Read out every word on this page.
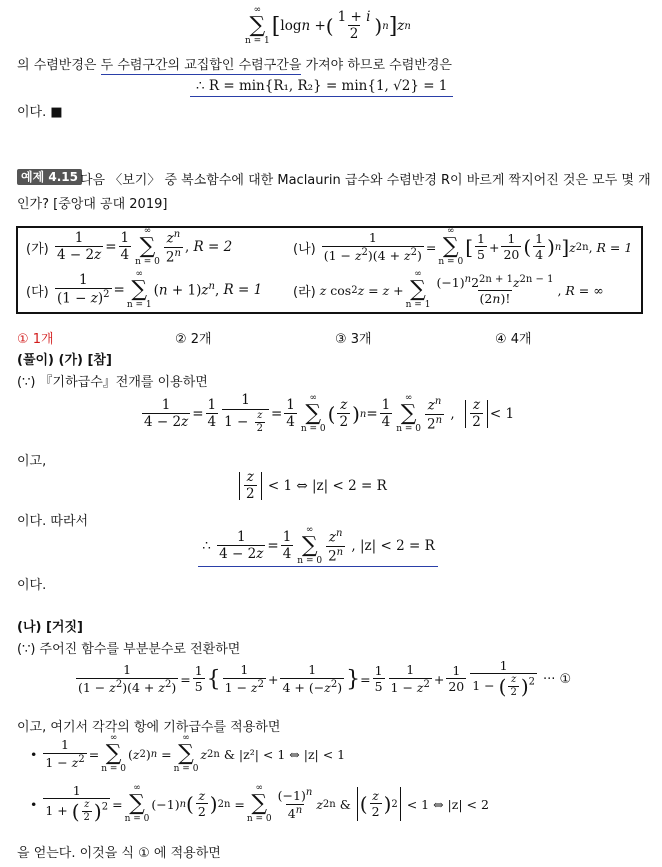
∞
∑
n = 1
[ logn + ( $\frac{1 + i}{2}$ ) n ] z n
의 수렴반경은 두 수렴구간의 교집합인 수렴구간을 가져야 하므로 수렴반경은
∴ R = min{R₁, R₂} = min{1, √2} = 1
이다. ■
예제 4.15 다음 〈보기〉 중 복소함수에 대한 Maclaurin 급수와 수렴반경 R이 바르게 짝지어진 것은 모두 몇 개
인가? [중앙대 공대 2019]
(가)
$\frac{1}{4 - 2z} = \frac{1}{4}$ ∞
∑
$n = 0 \frac{z^n}{2^n}$ , R = 2	(나)
$\frac{1}{(1 - z^2)(4 + z^2)}$ =
∞
∑
n = 0
[ $\frac{1}{5} + \frac{1}{20}$ ( $\frac{1}{4}$ ) n ] z 2n , R = 1
(다)
$\frac{1}{(1 - z)^2}$ =
∞
∑
n = 1
$(n + 1)z^n$, R = 1 (라)
z cos 2 z = z +
∞
∑
$n = 1 \frac{(-1)^n2^{2n + 1}z^{2n - 1}}{(2n)!}$ , R = ∞
① 1개	② 2개	③ 3개	④ 4개
(풀이) (가) [참]
(∵) 『기하급수』전개를 이용하면
$\frac{1}{4 - 2z} = \frac{1}{4} \frac{1}{1 - \frac{z}{2}} = \frac{1}{4}$ ∞
∑
n = 0
( $\frac{z}{2}$ ) $n = \frac{1}{4}$ ∞
∑
$n = 0 \frac{z^n}{2^n}$ , $\frac{z}{2} < 1$
이고,
$\frac{z}{2}$
< 1 ⇔ |z| < 2 = R
이다. 따라서
∴ $\frac{1}{4 - 2z} = \frac{1}{4}$ ∞
∑
$n = 0 \frac{z^n}{2^n}$
, |z| < 2 = R
이다.
(나) [거짓]
(∵) 주어진 함수를 부분분수로 전환하면
$\frac{1}{(1 - z^2)(4 + z^2)} = \frac{1}{5}$ { $\frac{1}{1 - z^2} + \frac{1}{4 + (-z^2)}$ } = $\frac{1}{5} \frac{1}{1 - z^2} + \frac{1}{20} \frac{1}{1 - ( \frac{z}{2} )^2}$
··· ①
이고, 여기서 각각의 항에 기하급수를 적용하면
• $\frac{1}{1 - z^2}$ =
∞
∑
n = 0
( z 2 ) n =
∞
∑
n = 0
z 2n
& |z²| < 1 ⇔ |z| < 1
• $\frac{1}{1 + ( \frac{z}{2} )^2}$ =
∞
∑
n = 0
(−1) n ( $\frac{z}{2}$ ) 2n =
∞
∑
$n = 0 \frac{(-1)^n}{4^n}$ z 2n & ( $\frac{z}{2}$ ) 2
< 1 ⇔ |z| < 2
을 얻는다. 이것을 식 ① 에 적용하면
